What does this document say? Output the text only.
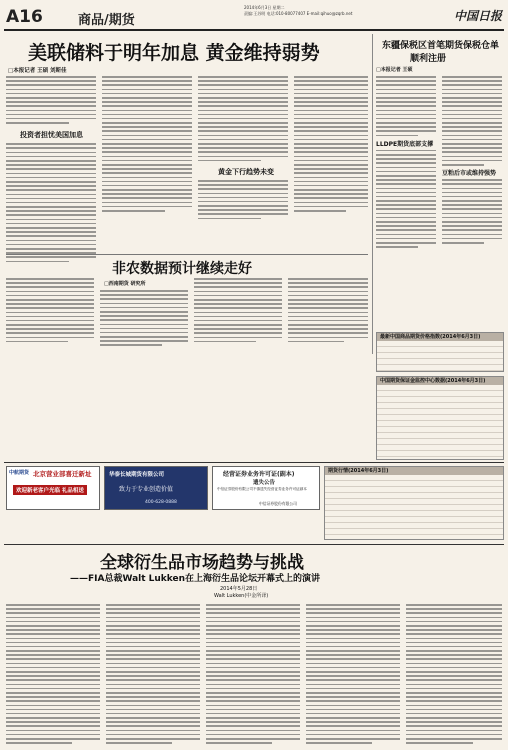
A16	商品/期货
2014年6月3日 星期二
责编:王苏明 电话:010-80077407 E-mail:qihuo@zqrb.net	中国日报
美联储料于明年加息 黄金维持弱势
□本报记者 王硕 刘斯佳
投资者担忧美国加息
黄金下行趋势未变
东疆保税区首笔期货保税仓单
顺利注册
□本报记者 王硕
LLDPE期货底部支撑
豆粕后市或维持强势
非农数据预计继续走好
□西南期货 研究所
最新中国商品期货价格指数(2014年6月3日)
中国期货保证金监控中心数据(2014年6月3日)
中航期货 北京营业部喜迁新址
欢迎新老客户光临 礼品相送
华泰长城期货有限公司
致力于专业创造价值
400-628-0888
经营证券业务许可证(副本)
遗失公告
中信证券股份有限公司不慎遗失经营证券业务许可证副本
中信证券股份有限公司
期货行情(2014年6月3日)
全球衍生品市场趋势与挑战
——FIA总裁Walt Lukken在上海衍生品论坛开幕式上的演讲
2014年5月28日
Walt Lukken(中金所译)
